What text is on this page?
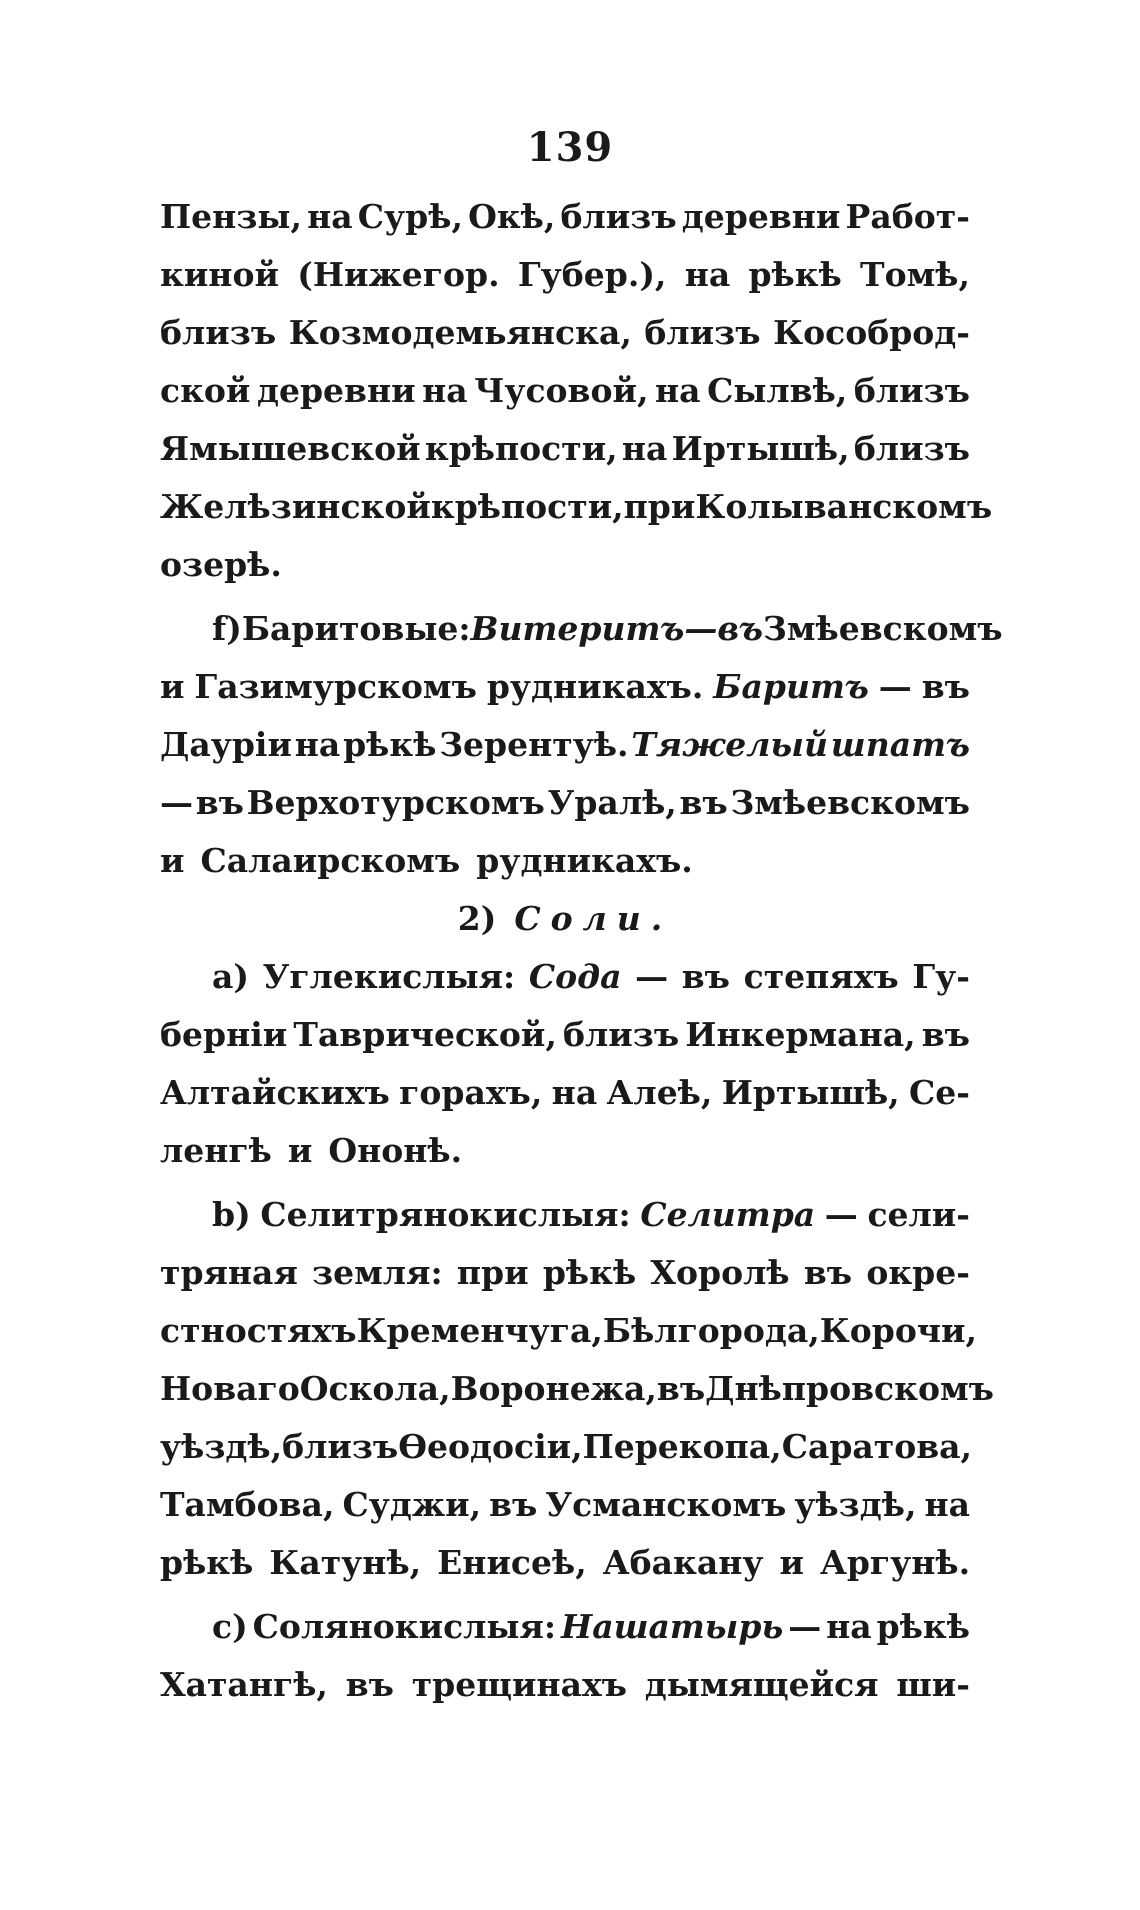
139
Пензы, на Сурѣ, Окѣ, близъ деревни Работ-
киной (Нижегор. Губер.), на рѣкѣ Томѣ,
близъ Козмодемьянска, близъ Кособрод-
ской деревни на Чусовой, на Сылвѣ, близъ
Ямышевской крѣпости, на Иртышѣ, близъ
Желѣзинской крѣпости, при Колыванскомъ
озерѣ.
f) Баритовые: Витеритъ—въ Змѣевскомъ
и Газимурскомъ рудникахъ. Баритъ — въ
Дауріи на рѣкѣ Зерентуѣ. Тяжелый шпатъ
— въ Верхотурскомъ Уралѣ, въ Змѣевскомъ
и Салаирскомъ рудникахъ.
2) Соли.
a) Углекислыя: Сода — въ степяхъ Гу-
берніи Таврической, близъ Инкермана, въ
Алтайскихъ горахъ, на Алеѣ, Иртышѣ, Се-
ленгѣ и Ононѣ.
b) Селитрянокислыя: Селитра — сели-
тряная земля: при рѣкѣ Хоролѣ въ окре-
стностяхъ Кременчуга, Бѣлгорода, Корочи,
Новаго Оскола, Воронежа, въ Днѣпровскомъ
уѣздѣ, близъ Ѳеодосіи, Перекопа, Саратова,
Тамбова, Суджи, въ Усманскомъ уѣздѣ, на
рѣкѣ Катунѣ, Енисеѣ, Абакану и Аргунѣ.
c) Солянокислыя: Нашатырь — на рѣкѣ
Хатангѣ, въ трещинахъ дымящейся ши-
